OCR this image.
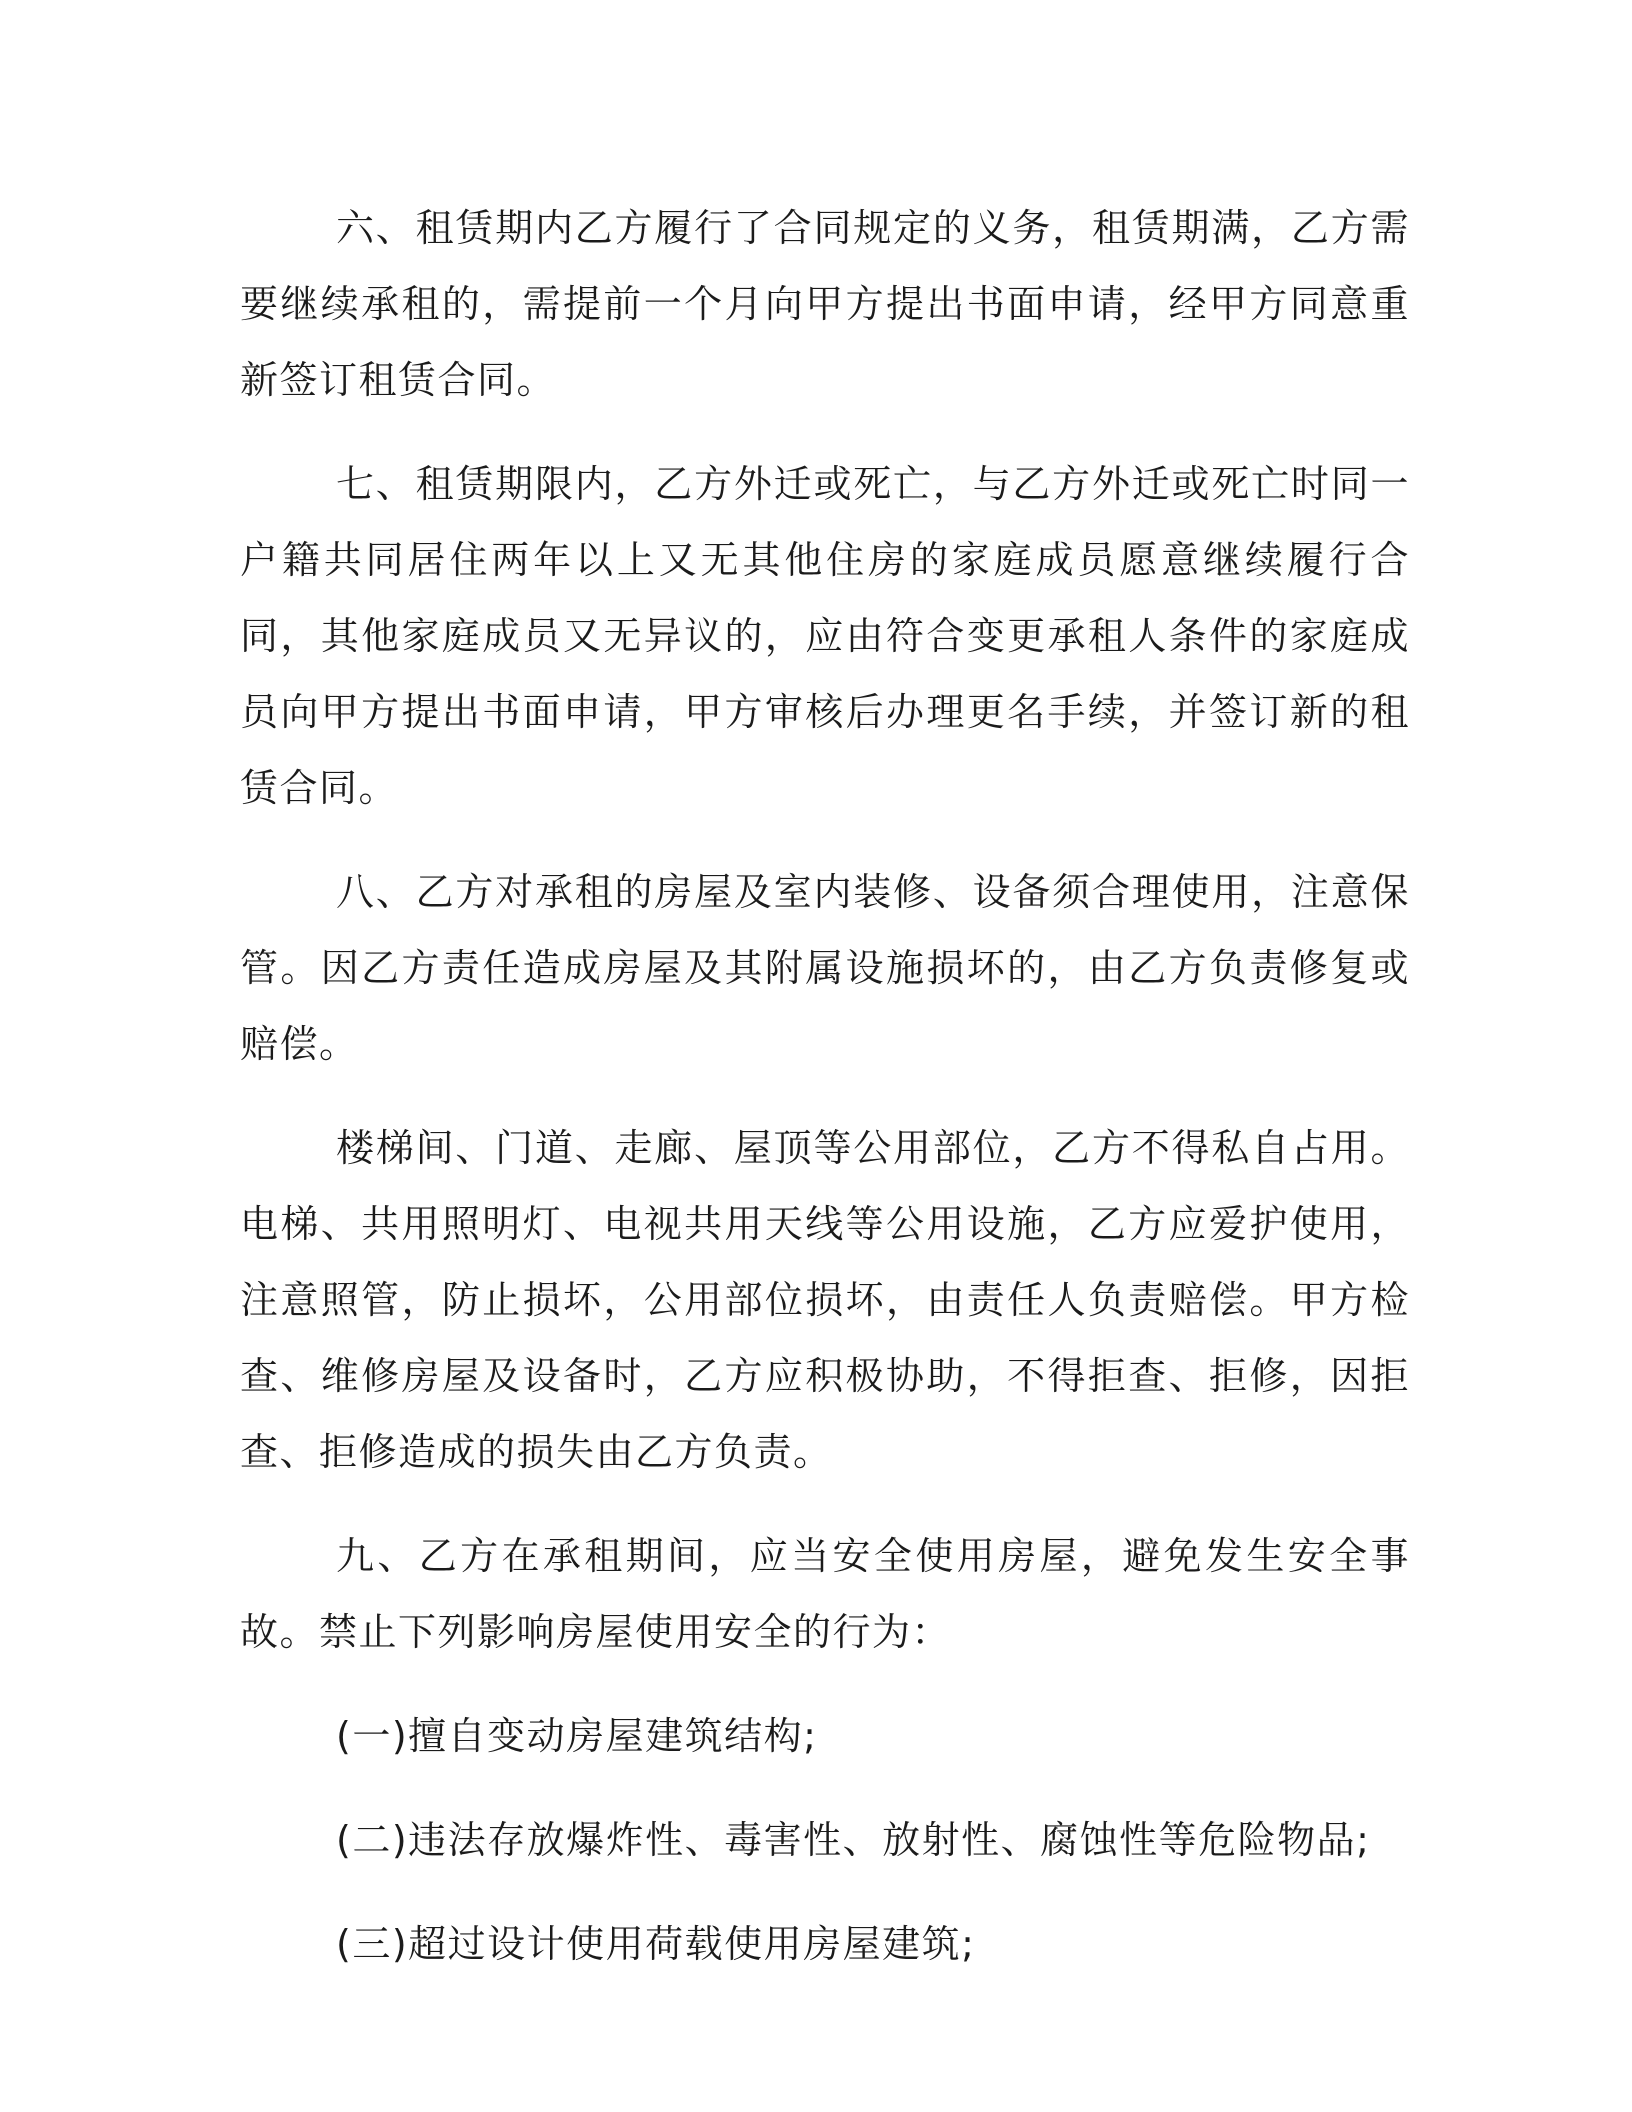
六、租赁期内乙方履行了合同规定的义务，租赁期满，乙方需要继续承租的，需提前一个月向甲方提出书面申请，经甲方同意重新签订租赁合同。

七、租赁期限内，乙方外迁或死亡，与乙方外迁或死亡时同一户籍共同居住两年以上又无其他住房的家庭成员愿意继续履行合同，其他家庭成员又无异议的，应由符合变更承租人条件的家庭成员向甲方提出书面申请，甲方审核后办理更名手续，并签订新的租赁合同。

八、乙方对承租的房屋及室内装修、设备须合理使用，注意保管。因乙方责任造成房屋及其附属设施损坏的，由乙方负责修复或赔偿。

楼梯间、门道、走廊、屋顶等公用部位，乙方不得私自占用。电梯、共用照明灯、电视共用天线等公用设施，乙方应爱护使用，注意照管，防止损坏，公用部位损坏，由责任人负责赔偿。甲方检查、维修房屋及设备时，乙方应积极协助，不得拒查、拒修，因拒查、拒修造成的损失由乙方负责。

九、乙方在承租期间，应当安全使用房屋，避免发生安全事故。禁止下列影响房屋使用安全的行为：

(一)擅自变动房屋建筑结构;

(二)违法存放爆炸性、毒害性、放射性、腐蚀性等危险物品;

(三)超过设计使用荷载使用房屋建筑;
